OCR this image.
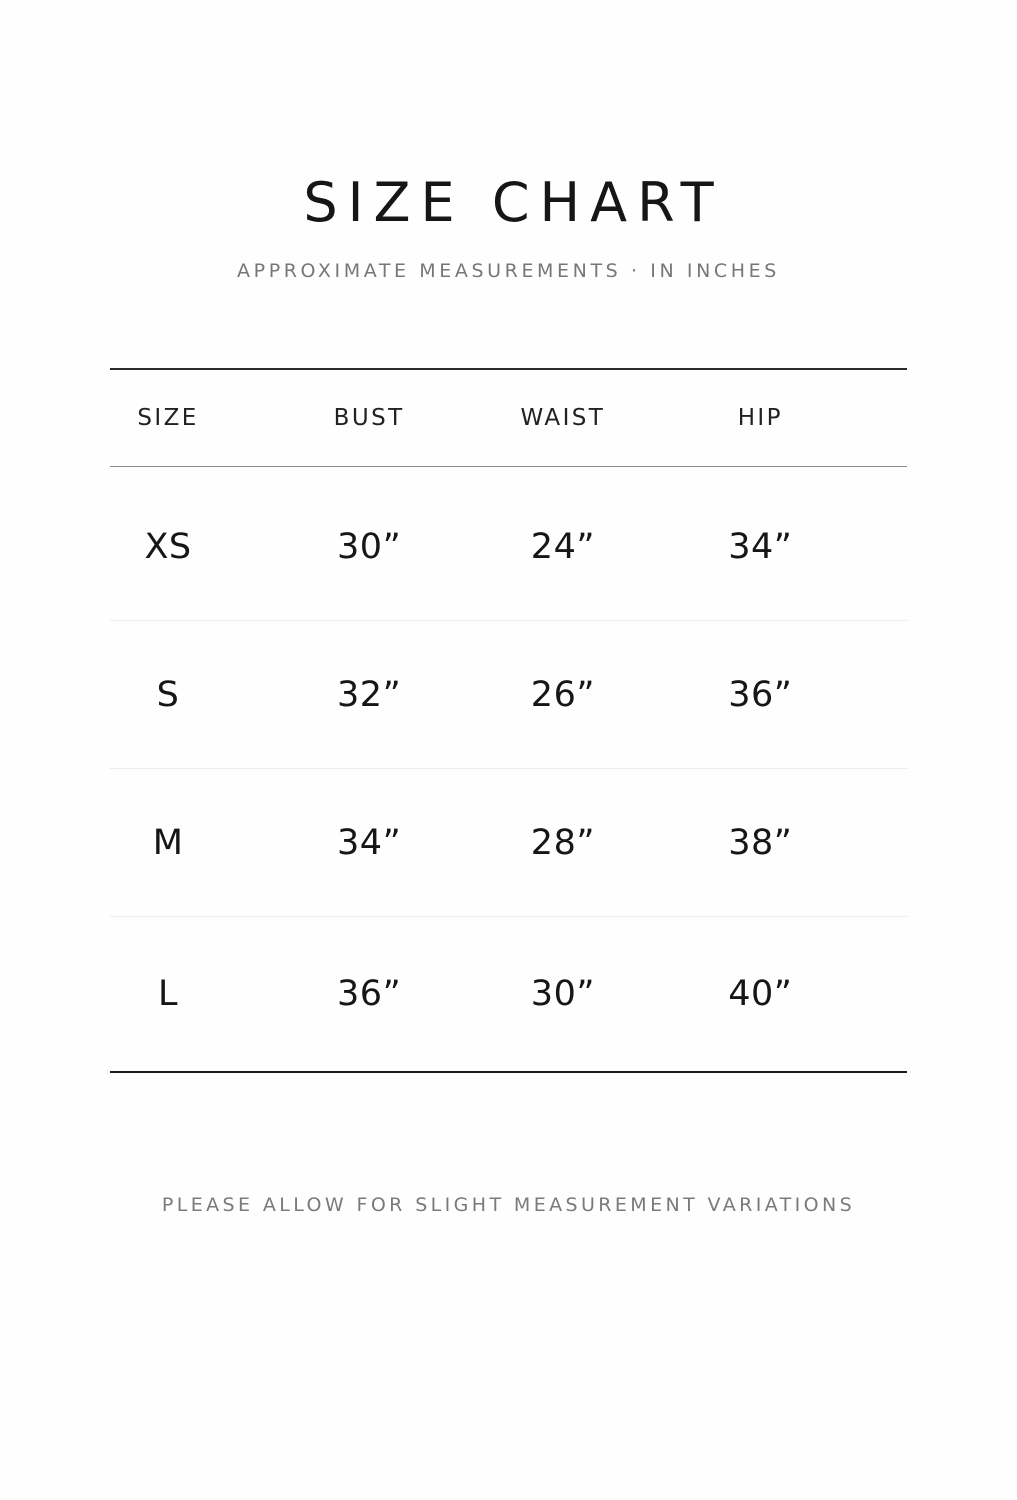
SIZE CHART

APPROXIMATE MEASUREMENTS · IN INCHES

SIZE	BUST	WAIST	HIP
XS	30”	24”	34”
S	32”	26”	36”
M	34”	28”	38”
L	36”	30”	40”

PLEASE ALLOW FOR SLIGHT MEASUREMENT VARIATIONS
